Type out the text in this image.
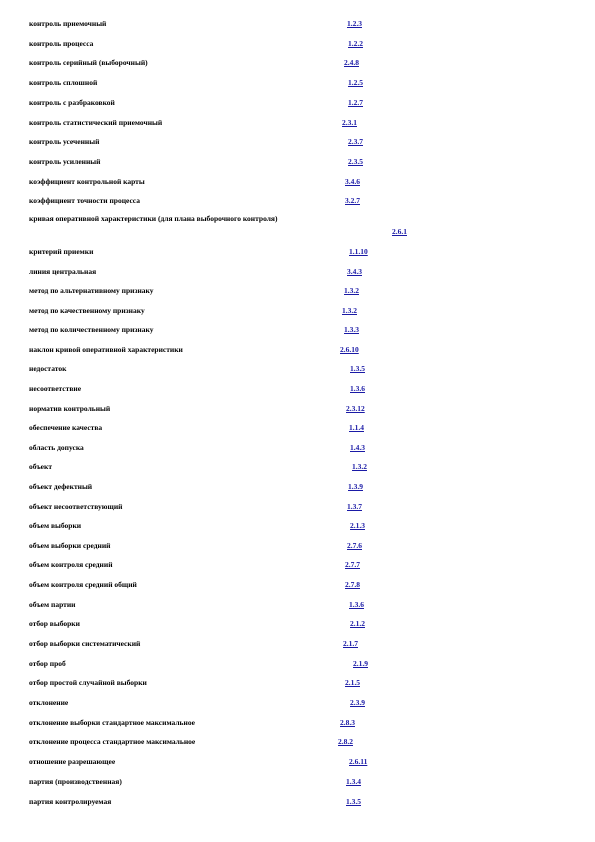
контроль приемочный	1.2.3
контроль процесса	1.2.2
контроль серийный (выборочный)	2.4.8
контроль сплошной	1.2.5
контроль с разбраковкой	1.2.7
контроль статистический приемочный	2.3.1
контроль усеченный	2.3.7
контроль усиленный	2.3.5
коэффициент контрольной карты	3.4.6
коэффициент точности процесса	3.2.7
кривая оперативной характеристики (для плана выборочного контроля)
2.6.1
критерий приемки	1.1.10
линия центральная	3.4.3
метод по альтернативному признаку	1.3.2
метод по качественному признаку	1.3.2
метод по количественному признаку	1.3.3
наклон кривой оперативной характеристики	2.6.10
недостаток	1.3.5
несоответствие	1.3.6
норматив контрольный	2.3.12
обеспечение качества	1.1.4
область допуска	1.4.3
объект	1.3.2
объект дефектный	1.3.9
объект несоответствующий	1.3.7
объем выборки	2.1.3
объем выборки средний	2.7.6
объем контроля средний	2.7.7
объем контроля средний общий	2.7.8
объем партии	1.3.6
отбор выборки	2.1.2
отбор выборки систематический	2.1.7
отбор проб	2.1.9
отбор простой случайной выборки	2.1.5
отклонение	2.3.9
отклонение выборки стандартное максимальное	2.8.3
отклонение процесса стандартное максимальное	2.8.2
отношение разрешающее	2.6.11
партия (производственная)	1.3.4
партия контролируемая	1.3.5
